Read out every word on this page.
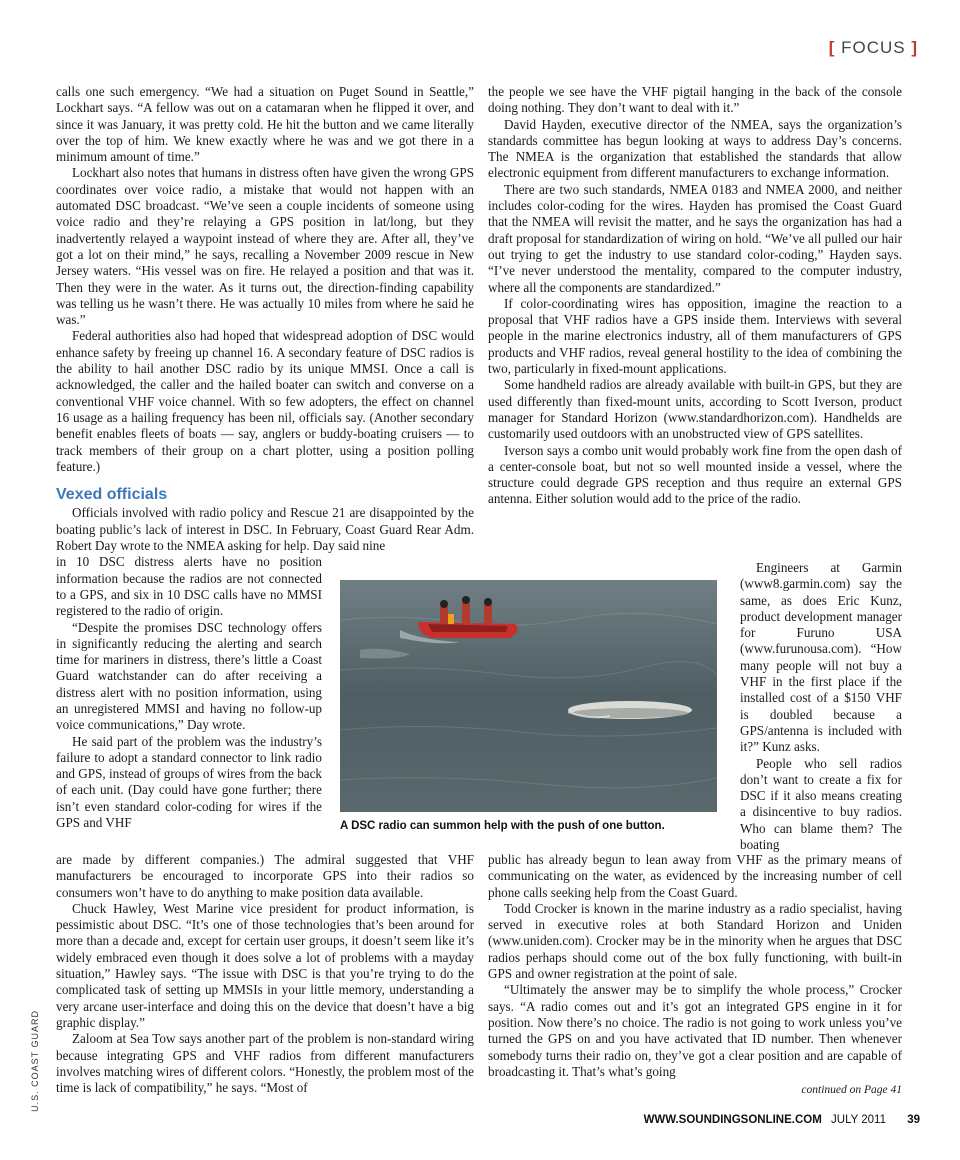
[ FOCUS ]

calls one such emergency. “We had a situation on Puget Sound in Seattle,” Lockhart says. “A fellow was out on a catamaran when he flipped it over, and since it was January, it was pretty cold. He hit the button and we came literally over the top of him. We knew exactly where he was and we got there in a minimum amount of time.”

Lockhart also notes that humans in distress often have given the wrong GPS coordinates over voice radio, a mistake that would not happen with an automated DSC broadcast. “We’ve seen a couple incidents of someone using voice radio and they’re relaying a GPS position in lat/long, but they inadvertently relayed a waypoint instead of where they are. After all, they’ve got a lot on their mind,” he says, recalling a November 2009 rescue in New Jersey waters. “His vessel was on fire. He relayed a position and that was it. Then they were in the water. As it turns out, the direction-finding capability was telling us he wasn’t there. He was actually 10 miles from where he said he was.”

Federal authorities also had hoped that widespread adoption of DSC would enhance safety by freeing up channel 16. A secondary feature of DSC radios is the ability to hail another DSC radio by its unique MMSI. Once a call is acknowledged, the caller and the hailed boater can switch and converse on a conventional VHF voice channel. With so few adopters, the effect on channel 16 usage as a hailing frequency has been nil, officials say. (Another secondary benefit enables fleets of boats — say, anglers or buddy-boating cruisers — to track members of their group on a chart plotter, using a position polling feature.)

Vexed officials

Officials involved with radio policy and Rescue 21 are disappointed by the boating public’s lack of interest in DSC. In February, Coast Guard Rear Adm. Robert Day wrote to the NMEA asking for help. Day said nine

in 10 DSC distress alerts have no position information because the radios are not connected to a GPS, and six in 10 DSC calls have no MMSI registered to the radio of origin.

“Despite the promises DSC technology offers in significantly reducing the alerting and search time for mariners in distress, there’s little a Coast Guard watchstander can do after receiving a distress alert with no position information, using an unregistered MMSI and having no follow-up voice communications,” Day wrote.

He said part of the problem was the industry’s failure to adopt a standard connector to link radio and GPS, instead of groups of wires from the back of each unit. (Day could have gone further; there isn’t even standard color-coding for wires if the GPS and VHF

are made by different companies.) The admiral suggested that VHF manufacturers be encouraged to incorporate GPS into their radios so consumers won’t have to do anything to make position data available.

Chuck Hawley, West Marine vice president for product information, is pessimistic about DSC. “It’s one of those technologies that’s been around for more than a decade and, except for certain user groups, it doesn’t seem like it’s widely embraced even though it does solve a lot of problems with a mayday situation,” Hawley says. “The issue with DSC is that you’re trying to do the complicated task of setting up MMSIs in your little memory, understanding a very arcane user-interface and doing this on the device that doesn’t have a big graphic display.”

Zaloom at Sea Tow says another part of the problem is non-standard wiring because integrating GPS and VHF radios from different manufacturers involves matching wires of different colors. “Honestly, the problem most of the time is lack of compatibility,” he says. “Most of

the people we see have the VHF pigtail hanging in the back of the console doing nothing. They don’t want to deal with it.”

David Hayden, executive director of the NMEA, says the organization’s standards committee has begun looking at ways to address Day’s concerns. The NMEA is the organization that established the standards that allow electronic equipment from different manufacturers to exchange information.

There are two such standards, NMEA 0183 and NMEA 2000, and neither includes color-coding for the wires. Hayden has promised the Coast Guard that the NMEA will revisit the matter, and he says the organization has had a draft proposal for standardization of wiring on hold. “We’ve all pulled our hair out trying to get the industry to use standard color-coding,” Hayden says. “I’ve never understood the mentality, compared to the computer industry, where all the components are standardized.”

If color-coordinating wires has opposition, imagine the reaction to a proposal that VHF radios have a GPS inside them. Interviews with several people in the marine electronics industry, all of them manufacturers of GPS products and VHF radios, reveal general hostility to the idea of combining the two, particularly in fixed-mount applications.

Some handheld radios are already available with built-in GPS, but they are used differently than fixed-mount units, according to Scott Iverson, product manager for Standard Horizon (www.standardhorizon.com). Handhelds are customarily used outdoors with an unobstructed view of GPS satellites.

Iverson says a combo unit would probably work fine from the open dash of a center-console boat, but not so well mounted inside a vessel, where the structure could degrade GPS reception and thus require an external GPS antenna. Either solution would add to the price of the radio.

Engineers at Garmin (www8.garmin.com) say the same, as does Eric Kunz, product development manager for Furuno USA (www.furunousa.com). “How many people will not buy a VHF in the first place if the installed cost of a $150 VHF is doubled because a GPS/antenna is included with it?” Kunz asks.

People who sell radios don’t want to create a fix for DSC if it also means creating a disincentive to buy radios. Who can blame them? The boating

A DSC radio can summon help with the push of one button.

public has already begun to lean away from VHF as the primary means of communicating on the water, as evidenced by the increasing number of cell phone calls seeking help from the Coast Guard.

Todd Crocker is known in the marine industry as a radio specialist, having served in executive roles at both Standard Horizon and Uniden (www.uniden.com). Crocker may be in the minority when he argues that DSC radios perhaps should come out of the box fully functioning, with built-in GPS and owner registration at the point of sale.

“Ultimately the answer may be to simplify the whole process,” Crocker says. “A radio comes out and it’s got an integrated GPS engine in it for position. Now there’s no choice. The radio is not going to work unless you’ve turned the GPS on and you have activated that ID number. Then whenever somebody turns their radio on, they’ve got a clear position and are capable of broadcasting it. That’s what’s going

continued on Page 41
U.S. COAST GUARD
WWW.SOUNDINGSONLINE.COM JULY 2011 39
